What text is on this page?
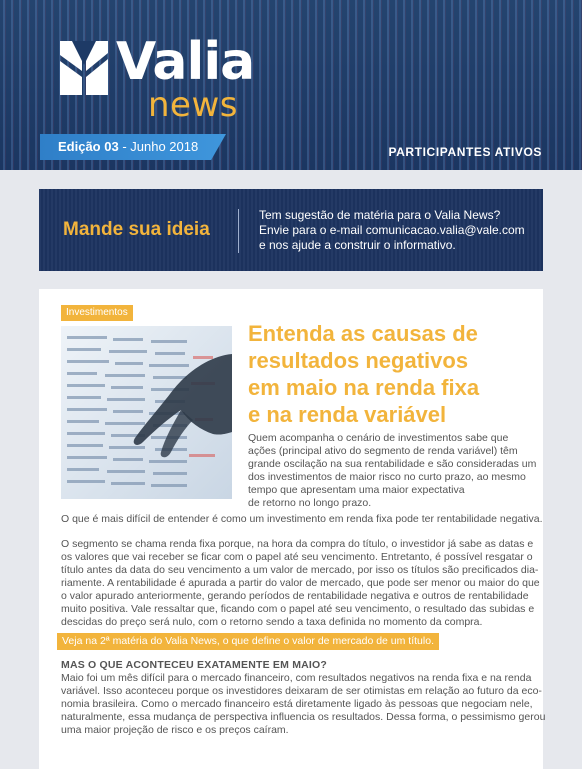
Valia
news
Edição 03 - Junho 2018	PARTICIPANTES ATIVOS
Mande sua ideia
Tem sugestão de matéria para o Valia News?
Envie para o e-mail comunicacao.valia@vale.com
e nos ajude a construir o informativo.
Investimentos
Entenda as causas de
resultados negativos
em maio na renda fixa
e na renda variável
Quem acompanha o cenário de investimentos sabe que
ações (principal ativo do segmento de renda variável) têm
grande oscilação na sua rentabilidade e são consideradas um
dos investimentos de maior risco no curto prazo, ao mesmo
tempo que apresentam uma maior expectativa
de retorno no longo prazo.
O que é mais difícil de entender é como um investimento em renda fixa pode ter rentabilidade negativa.
O segmento se chama renda fixa porque, na hora da compra do título, o investidor já sabe as datas e
os valores que vai receber se ficar com o papel até seu vencimento. Entretanto, é possível resgatar o
título antes da data do seu vencimento a um valor de mercado, por isso os títulos são precificados dia-
riamente. A rentabilidade é apurada a partir do valor de mercado, que pode ser menor ou maior do que
o valor apurado anteriormente, gerando períodos de rentabilidade negativa e outros de rentabilidade
muito positiva. Vale ressaltar que, ficando com o papel até seu vencimento, o resultado das subidas e
descidas do preço será nulo, com o retorno sendo a taxa definida no momento da compra.
Veja na 2ª matéria do Valia News, o que define o valor de mercado de um título.
MAS O QUE ACONTECEU EXATAMENTE EM MAIO?
Maio foi um mês difícil para o mercado financeiro, com resultados negativos na renda fixa e na renda
variável. Isso aconteceu porque os investidores deixaram de ser otimistas em relação ao futuro da eco-
nomia brasileira. Como o mercado financeiro está diretamente ligado às pessoas que negociam nele,
naturalmente, essa mudança de perspectiva influencia os resultados. Dessa forma, o pessimismo gerou
uma maior projeção de risco e os preços caíram.
